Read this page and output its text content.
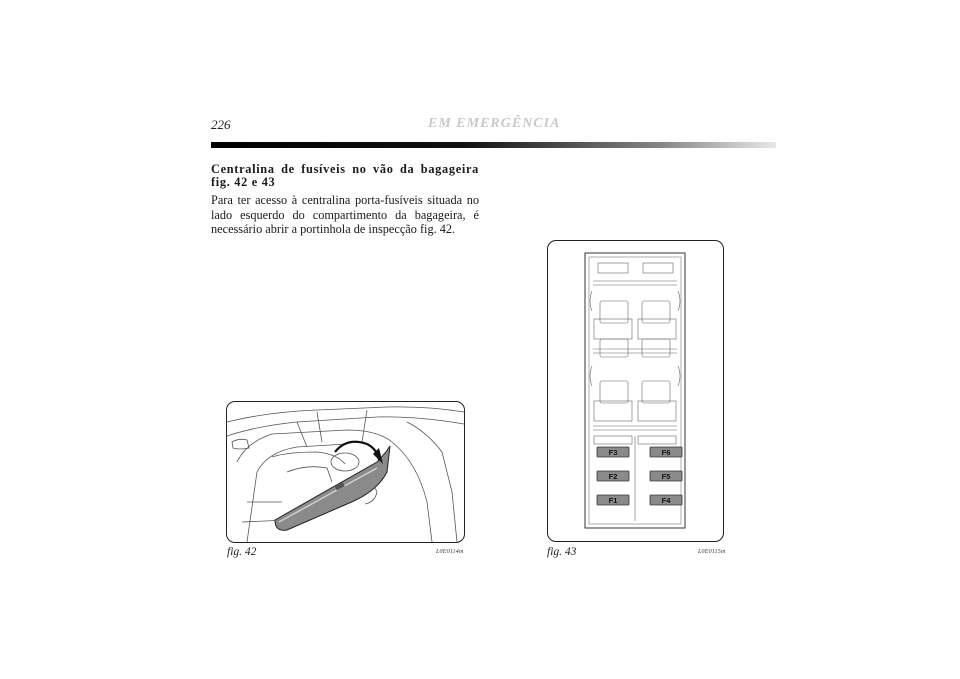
226	EM EMERGÊNCIA
Centralina de fusíveis no vão da bagageira fig. 42 e 43
Para ter acesso à centralina porta-fusíveis situada no lado esquerdo do compartimento da bagageira, é necessário abrir a portinhola de inspecção fig. 42.
fig. 42	L0E0114m
F3
F2
F1
F6
F5
F4
fig. 43	L0E0115m
